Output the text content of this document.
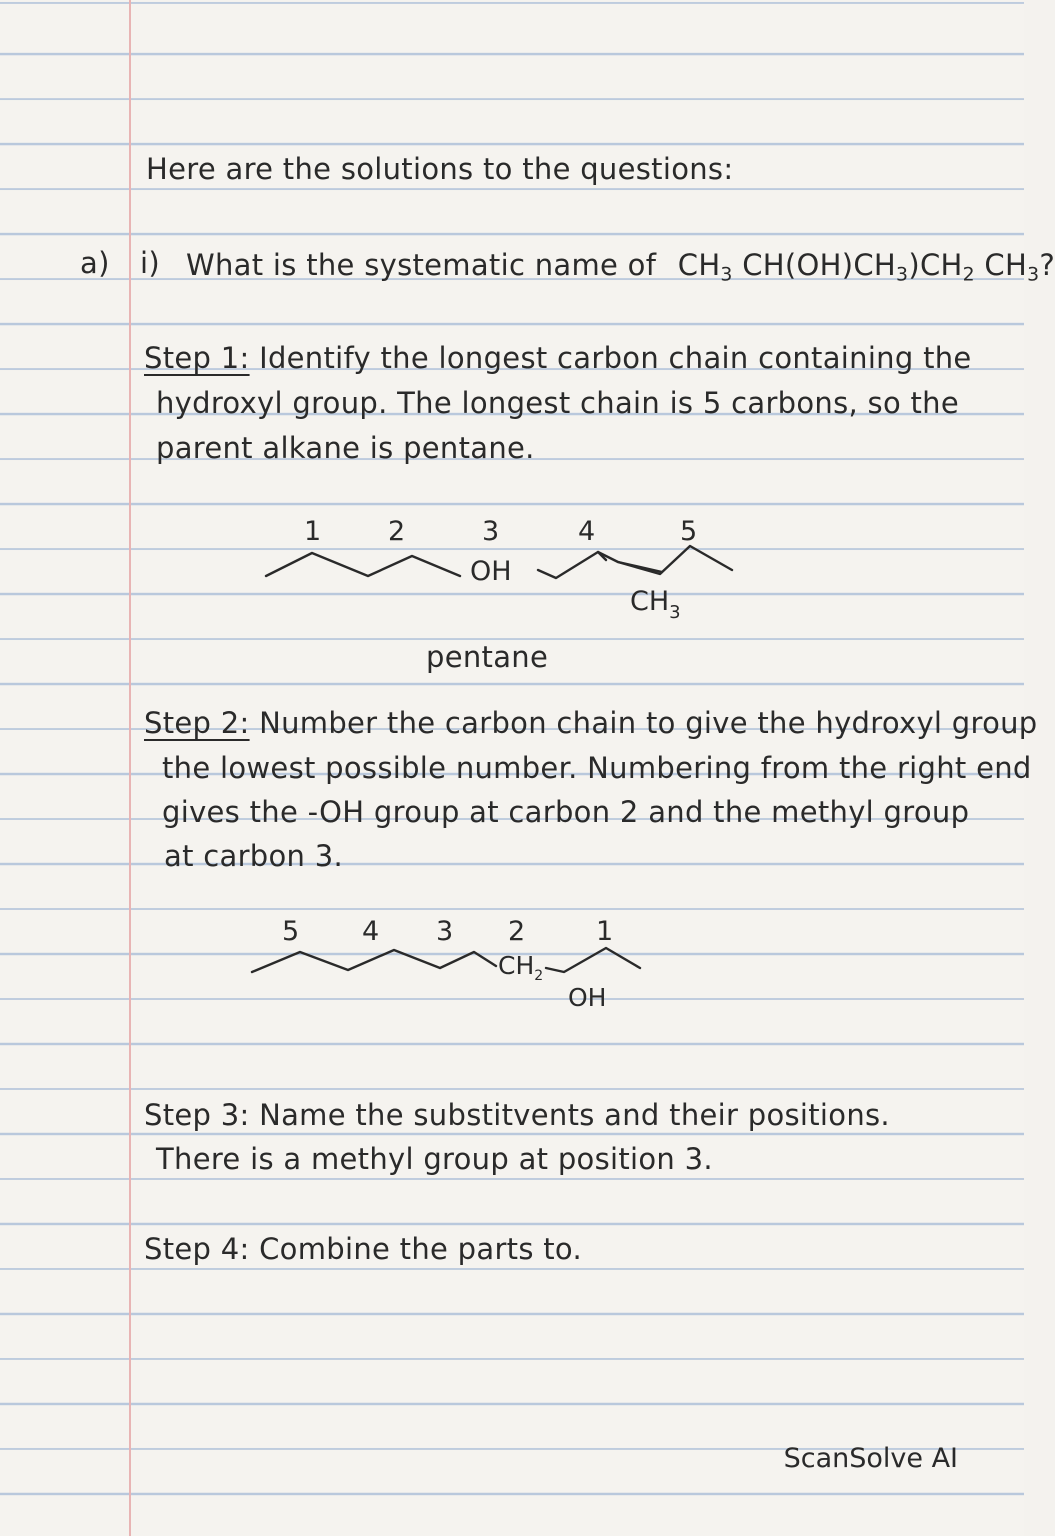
Here are the solutions to the questions:
a) i) What is the systematic name of $CH_3$ $CH(OH)CH_3)CH_2$ $CH_3$?
Step 1: Identify the longest carbon chain containing the
hydroxyl group. The longest chain is 5 carbons, so the
parent alkane is pentane.
1 2	3	4	5
OH
$CH_3$
pentane
Step 2: Number the carbon chain to give the hydroxyl group
the lowest possible number. Numbering from the right end
gives the -OH group at carbon 2 and the methyl group
at carbon 3.
5 4 3 2	1
$CH_2$
OH
Step 3: Name the substitvents and their positions.
There is a methyl group at position 3.
Step 4: Combine the parts to.
ScanSolve AI
